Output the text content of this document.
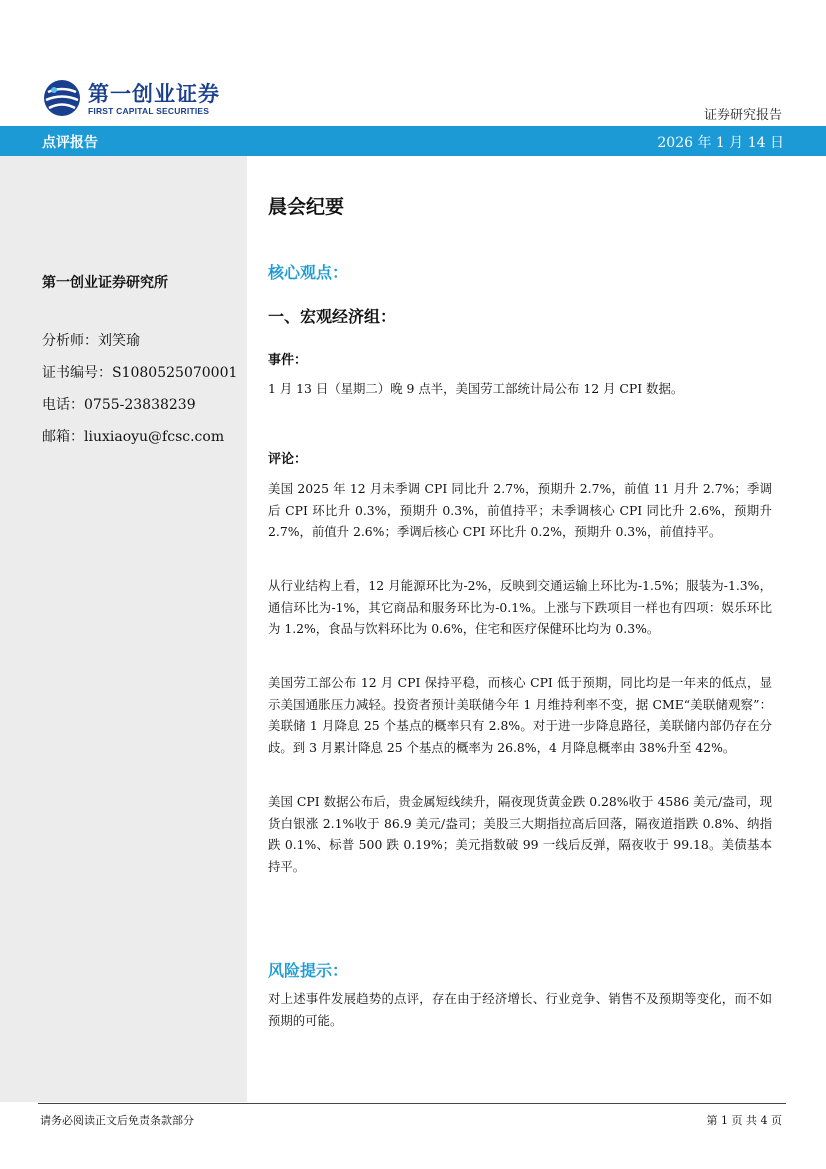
第一创业证券
FIRST CAPITAL SECURITIES	证券研究报告
点评报告	2026 年 1 月 14 日
第一创业证券研究所
分析师：刘笑瑜
证书编号：S1080525070001
电话：0755-23838239
邮箱：liuxiaoyu@fcsc.com
晨会纪要
核心观点：
一、宏观经济组：
事件：
1 月 13 日（星期二）晚 9 点半，美国劳工部统计局公布 12 月 CPI 数据。
评论：
美国 2025 年 12 月未季调 CPI 同比升 2.7%，预期升 2.7%，前值 11 月升 2.7%；季调后 CPI 环比升 0.3%，预期升 0.3%，前值持平；未季调核心 CPI 同比升 2.6%，预期升 2.7%，前值升 2.6%；季调后核心 CPI 环比升 0.2%，预期升 0.3%，前值持平。
从行业结构上看，12 月能源环比为-2%，反映到交通运输上环比为-1.5%；服装为-1.3%，通信环比为-1%，其它商品和服务环比为-0.1%。上涨与下跌项目一样也有四项：娱乐环比为 1.2%，食品与饮料环比为 0.6%，住宅和医疗保健环比均为 0.3%。
美国劳工部公布 12 月 CPI 保持平稳，而核心 CPI 低于预期，同比均是一年来的低点，显示美国通胀压力减轻。投资者预计美联储今年 1 月维持利率不变，据 CME“美联储观察”：美联储 1 月降息 25 个基点的概率只有 2.8%。对于进一步降息路径，美联储内部仍存在分歧。到 3 月累计降息 25 个基点的概率为 26.8%，4 月降息概率由 38%升至 42%。
美国 CPI 数据公布后，贵金属短线续升，隔夜现货黄金跌 0.28%收于 4586 美元/盎司，现货白银涨 2.1%收于 86.9 美元/盎司；美股三大期指拉高后回落，隔夜道指跌 0.8%、纳指跌 0.1%、标普 500 跌 0.19%；美元指数破 99 一线后反弹，隔夜收于 99.18。美债基本持平。
风险提示：
对上述事件发展趋势的点评，存在由于经济增长、行业竞争、销售不及预期等变化，而不如预期的可能。
请务必阅读正文后免责条款部分	第 1 页 共 4 页
